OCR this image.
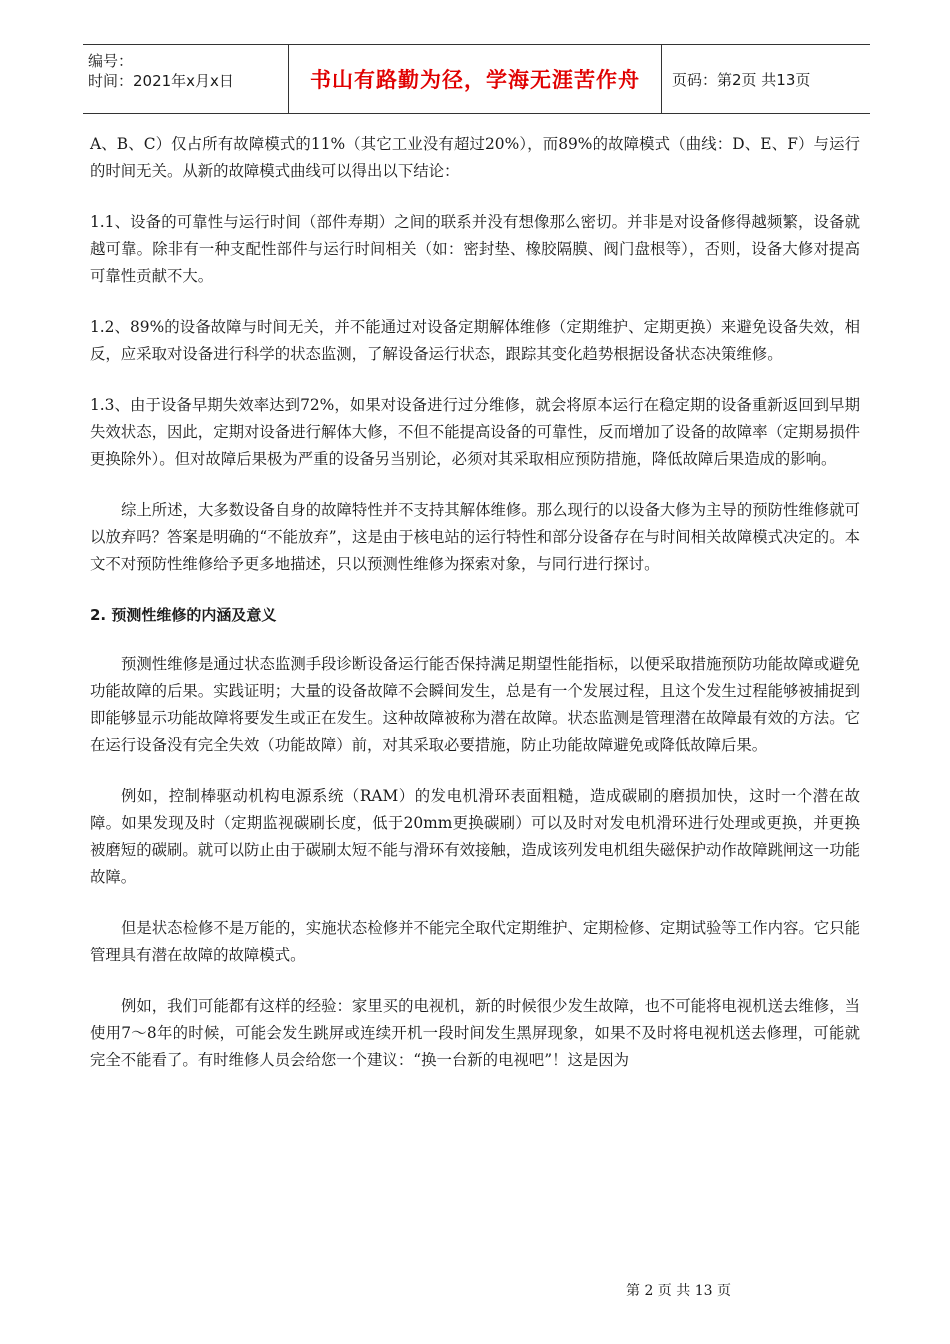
编号：
时间：2021年x月x日	书山有路勤为径，学海无涯苦作舟	页码：第2页 共13页

A、B、C）仅占所有故障模式的11%（其它工业没有超过20%），而89%的故障模式（曲线：D、E、F）与运行的时间无关。从新的故障模式曲线可以得出以下结论：

1.1、设备的可靠性与运行时间（部件寿期）之间的联系并没有想像那么密切。并非是对设备修得越频繁，设备就越可靠。除非有一种支配性部件与运行时间相关（如：密封垫、橡胶隔膜、阀门盘根等），否则，设备大修对提高可靠性贡献不大。

1.2、89%的设备故障与时间无关，并不能通过对设备定期解体维修（定期维护、定期更换）来避免设备失效，相反，应采取对设备进行科学的状态监测，了解设备运行状态，跟踪其变化趋势根据设备状态决策维修。

1.3、由于设备早期失效率达到72%，如果对设备进行过分维修，就会将原本运行在稳定期的设备重新返回到早期失效状态，因此，定期对设备进行解体大修，不但不能提高设备的可靠性，反而增加了设备的故障率（定期易损件更换除外）。但对故障后果极为严重的设备另当别论，必须对其采取相应预防措施，降低故障后果造成的影响。

综上所述，大多数设备自身的故障特性并不支持其解体维修。那么现行的以设备大修为主导的预防性维修就可以放弃吗？答案是明确的“不能放弃”，这是由于核电站的运行特性和部分设备存在与时间相关故障模式决定的。本文不对预防性维修给予更多地描述，只以预测性维修为探索对象，与同行进行探讨。

2. 预测性维修的内涵及意义

预测性维修是通过状态监测手段诊断设备运行能否保持满足期望性能指标，以便采取措施预防功能故障或避免功能故障的后果。实践证明；大量的设备故障不会瞬间发生，总是有一个发展过程，且这个发生过程能够被捕捉到即能够显示功能故障将要发生或正在发生。这种故障被称为潜在故障。状态监测是管理潜在故障最有效的方法。它在运行设备没有完全失效（功能故障）前，对其采取必要措施，防止功能故障避免或降低故障后果。

例如，控制棒驱动机构电源系统（RAM）的发电机滑环表面粗糙，造成碳刷的磨损加快，这时一个潜在故障。如果发现及时（定期监视碳刷长度，低于20mm更换碳刷）可以及时对发电机滑环进行处理或更换，并更换被磨短的碳刷。就可以防止由于碳刷太短不能与滑环有效接触，造成该列发电机组失磁保护动作故障跳闸这一功能故障。

但是状态检修不是万能的，实施状态检修并不能完全取代定期维护、定期检修、定期试验等工作内容。它只能管理具有潜在故障的故障模式。

例如，我们可能都有这样的经验：家里买的电视机，新的时候很少发生故障，也不可能将电视机送去维修，当使用7～8年的时候，可能会发生跳屏或连续开机一段时间发生黑屏现象，如果不及时将电视机送去修理，可能就完全不能看了。有时维修人员会给您一个建议：“换一台新的电视吧”！这是因为

第 2 页 共 13 页
